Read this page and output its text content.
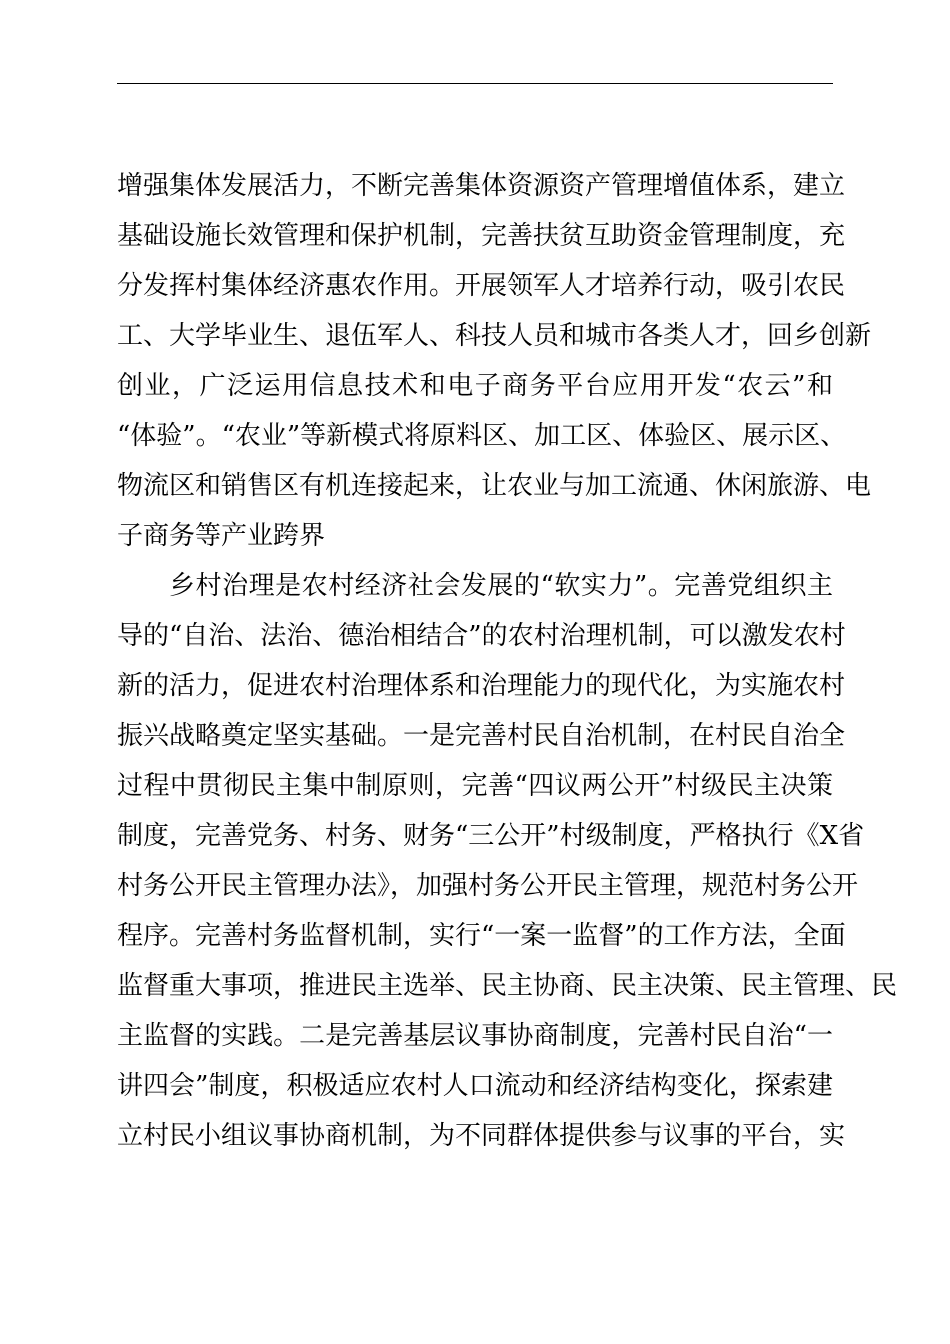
增强集体发展活力，不断完善集体资源资产管理增值体系，建立
基础设施长效管理和保护机制，完善扶贫互助资金管理制度，充
分发挥村集体经济惠农作用。开展领军人才培养行动，吸引农民
工、大学毕业生、退伍军人、科技人员和城市各类人才，回乡创新
创业，广泛运用信息技术和电子商务平台应用开发“农云”和
“体验”。“农业”等新模式将原料区、加工区、体验区、展示区、
物流区和销售区有机连接起来，让农业与加工流通、休闲旅游、电
子商务等产业跨界
乡村治理是农村经济社会发展的“软实力”。完善党组织主
导的“自治、法治、德治相结合”的农村治理机制，可以激发农村
新的活力，促进农村治理体系和治理能力的现代化，为实施农村
振兴战略奠定坚实基础。一是完善村民自治机制，在村民自治全
过程中贯彻民主集中制原则，完善“四议两公开”村级民主决策
制度，完善党务、村务、财务“三公开”村级制度，严格执行《X省
村务公开民主管理办法》，加强村务公开民主管理，规范村务公开
程序。完善村务监督机制，实行“一案一监督”的工作方法，全面
监督重大事项，推进民主选举、民主协商、民主决策、民主管理、民
主监督的实践。二是完善基层议事协商制度，完善村民自治“一
讲四会”制度，积极适应农村人口流动和经济结构变化，探索建
立村民小组议事协商机制，为不同群体提供参与议事的平台，实
